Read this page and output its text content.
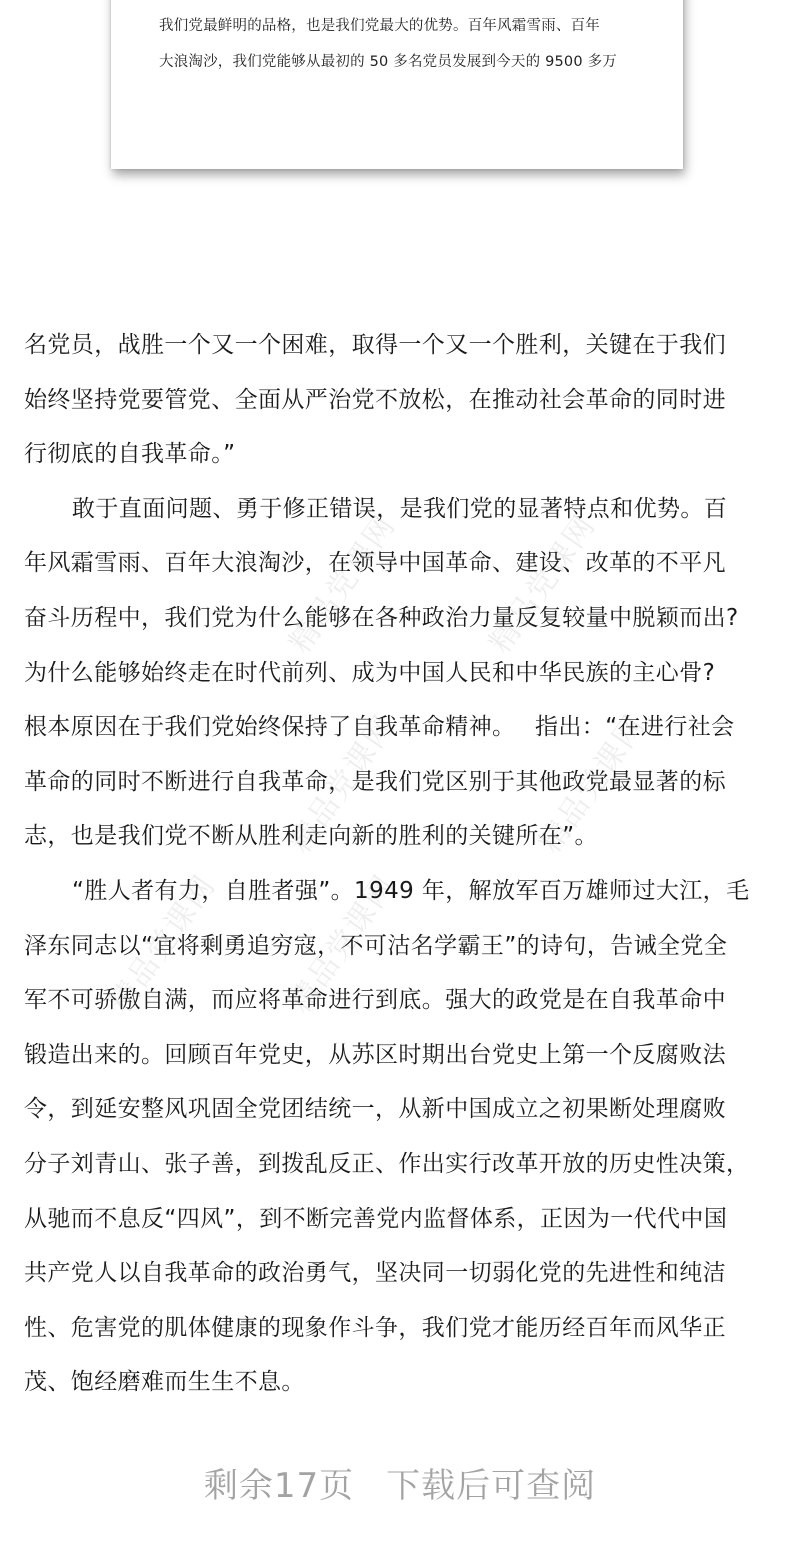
我们党最鲜明的品格，也是我们党最大的优势。百年风霜雪雨、百年
大浪淘沙，我们党能够从最初的 50 多名党员发展到今天的 9500 多万
精品党课网	精品党课网
精品党课网	精品党课网
精品党课网 精品党课网
名党员，战胜一个又一个困难，取得一个又一个胜利，关键在于我们
始终坚持党要管党、全面从严治党不放松，在推动社会革命的同时进
行彻底的自我革命。”
敢于直面问题、勇于修正错误，是我们党的显著特点和优势。百
年风霜雪雨、百年大浪淘沙，在领导中国革命、建设、改革的不平凡
奋斗历程中，我们党为什么能够在各种政治力量反复较量中脱颖而出?
为什么能够始终走在时代前列、成为中国人民和中华民族的主心骨?
根本原因在于我们党始终保持了自我革命精神。　 指出：“在进行社会
革命的同时不断进行自我革命，是我们党区别于其他政党最显著的标
志，也是我们党不断从胜利走向新的胜利的关键所在”。
“胜人者有力，自胜者强”。1949 年，解放军百万雄师过大江，毛
泽东同志以“宜将剩勇追穷寇，不可沽名学霸王”的诗句，告诫全党全
军不可骄傲自满，而应将革命进行到底。强大的政党是在自我革命中
锻造出来的。回顾百年党史，从苏区时期出台党史上第一个反腐败法
令，到延安整风巩固全党团结统一，从新中国成立之初果断处理腐败
分子刘青山、张子善，到拨乱反正、作出实行改革开放的历史性决策，
从驰而不息反“四风”，到不断完善党内监督体系，正因为一代代中国
共产党人以自我革命的政治勇气，坚决同一切弱化党的先进性和纯洁
性、危害党的肌体健康的现象作斗争，我们党才能历经百年而风华正
茂、饱经磨难而生生不息。
剩余17页 下载后可查阅
